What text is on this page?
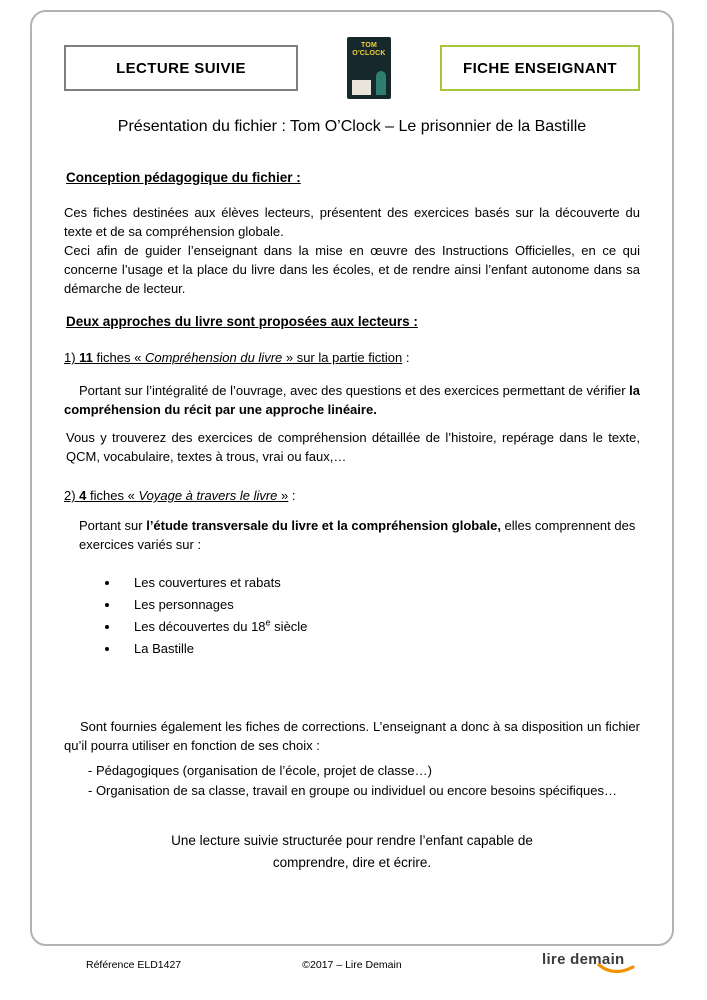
LECTURE SUIVIE
TOM
O'CLOCK
FICHE ENSEIGNANT
Présentation du fichier : Tom O’Clock – Le prisonnier de la Bastille
Conception pédagogique du fichier :

Ces fiches destinées aux élèves lecteurs, présentent des exercices basés sur la découverte du texte et de sa compréhension globale.

Ceci afin de guider l’enseignant dans la mise en œuvre des Instructions Officielles, en ce qui concerne l’usage et la place du livre dans les écoles, et de rendre ainsi l’enfant autonome dans sa démarche de lecteur.

Deux approches du livre sont proposées aux lecteurs :
1) 11 fiches « Compréhension du livre » sur la partie fiction :

Portant sur l’intégralité de l’ouvrage, avec des questions et des exercices permettant de vérifier la compréhension du récit par une approche linéaire.

Vous y trouverez des exercices de compréhension détaillée de l’histoire, repérage dans le texte, QCM, vocabulaire, textes à trous, vrai ou faux,…

2) 4 fiches « Voyage à travers le livre » :

Portant sur l’étude transversale du livre et la compréhension globale, elles comprennent des exercices variés sur :

• Les couvertures et rabats
• Les personnages
• Les découvertes du 18e siècle
• La Bastille

Sont fournies également les fiches de corrections. L’enseignant a donc à sa disposition un fichier qu’il pourra utiliser en fonction de ses choix :

- Pédagogiques (organisation de l’école, projet de classe…)
- Organisation de sa classe, travail en groupe ou individuel ou encore besoins spécifiques…

Une lecture suivie structurée pour rendre l’enfant capable de comprendre, dire et écrire.

Référence ELD1427	©2017 – Lire Demain	lire demain
